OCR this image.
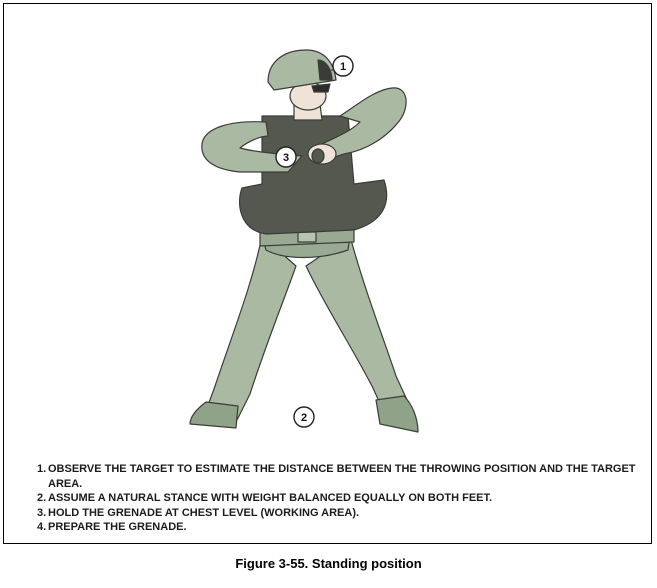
1
3
2
1. OBSERVE THE TARGET TO ESTIMATE THE DISTANCE BETWEEN THE THROWING POSITION AND THE TARGET AREA.
2. ASSUME A NATURAL STANCE WITH WEIGHT BALANCED EQUALLY ON BOTH FEET.
3. HOLD THE GRENADE AT CHEST LEVEL (WORKING AREA).
4. PREPARE THE GRENADE.
Figure 3-55. Standing position
